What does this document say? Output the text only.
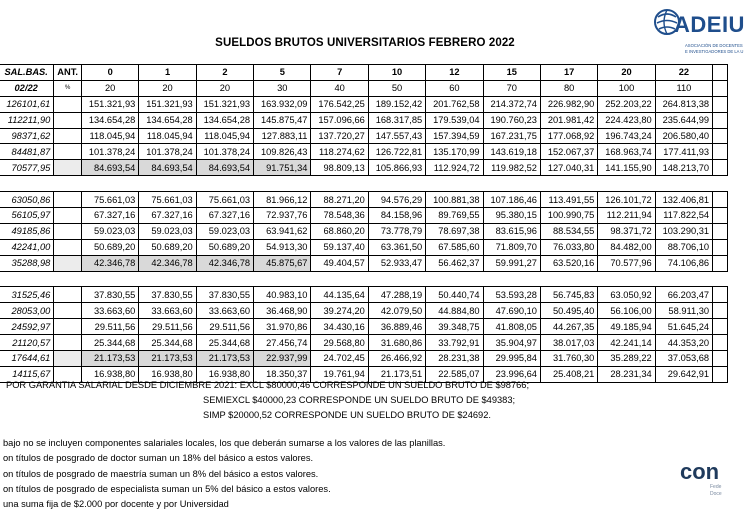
SUELDOS BRUTOS UNIVERSITARIOS FEBRERO 2022
ADEIU
ASOCIACIÓN DE DOCENTES
E INVESTIGADORES DE LA U
SAL.BAS.	ANT.	0	1	2	5	7	10	12	15	17	20	22	
02/22	%	20	20	20	30	40	50	60	70	80	100	110	
126101,61		151.321,93	151.321,93	151.321,93	163.932,09	176.542,25	189.152,42	201.762,58	214.372,74	226.982,90	252.203,22	264.813,38	
112211,90		134.654,28	134.654,28	134.654,28	145.875,47	157.096,66	168.317,85	179.539,04	190.760,23	201.981,42	224.423,80	235.644,99	
98371,62		118.045,94	118.045,94	118.045,94	127.883,11	137.720,27	147.557,43	157.394,59	167.231,75	177.068,92	196.743,24	206.580,40	
84481,87		101.378,24	101.378,24	101.378,24	109.826,43	118.274,62	126.722,81	135.170,99	143.619,18	152.067,37	168.963,74	177.411,93	
70577,95		84.693,54	84.693,54	84.693,54	91.751,34	98.809,13	105.866,93	112.924,72	119.982,52	127.040,31	141.155,90	148.213,70	

63050,86		75.661,03	75.661,03	75.661,03	81.966,12	88.271,20	94.576,29	100.881,38	107.186,46	113.491,55	126.101,72	132.406,81	
56105,97		67.327,16	67.327,16	67.327,16	72.937,76	78.548,36	84.158,96	89.769,55	95.380,15	100.990,75	112.211,94	117.822,54	
49185,86		59.023,03	59.023,03	59.023,03	63.941,62	68.860,20	73.778,79	78.697,38	83.615,96	88.534,55	98.371,72	103.290,31	
42241,00		50.689,20	50.689,20	50.689,20	54.913,30	59.137,40	63.361,50	67.585,60	71.809,70	76.033,80	84.482,00	88.706,10	
35288,98		42.346,78	42.346,78	42.346,78	45.875,67	49.404,57	52.933,47	56.462,37	59.991,27	63.520,16	70.577,96	74.106,86	

31525,46		37.830,55	37.830,55	37.830,55	40.983,10	44.135,64	47.288,19	50.440,74	53.593,28	56.745,83	63.050,92	66.203,47	
28053,00		33.663,60	33.663,60	33.663,60	36.468,90	39.274,20	42.079,50	44.884,80	47.690,10	50.495,40	56.106,00	58.911,30	
24592,97		29.511,56	29.511,56	29.511,56	31.970,86	34.430,16	36.889,46	39.348,75	41.808,05	44.267,35	49.185,94	51.645,24	
21120,57		25.344,68	25.344,68	25.344,68	27.456,74	29.568,80	31.680,86	33.792,91	35.904,97	38.017,03	42.241,14	44.353,20	
17644,61		21.173,53	21.173,53	21.173,53	22.937,99	24.702,45	26.466,92	28.231,38	29.995,84	31.760,30	35.289,22	37.053,68	
14115,67		16.938,80	16.938,80	16.938,80	18.350,37	19.761,94	21.173,51	22.585,07	23.996,64	25.408,21	28.231,34	29.642,91	
POR GARANTIA SALARIAL DESDE DICIEMBRE 2021: EXCL $80000,46 CORRESPONDE UN SUELDO BRUTO DE $98766;
SEMIEXCL $40000,23 CORRESPONDE UN SUELDO BRUTO DE $49383;
SIMP $20000,52 CORRESPONDE UN SUELDO BRUTO DE $24692.
bajo no se incluyen componentes salariales locales, los que deberán sumarse a los valores de las planillas.
on títulos de posgrado de doctor suman un 18% del básico a estos valores.
on títulos de posgrado de maestría suman un 8% del básico a estos valores.
on títulos de posgrado de especialista suman un 5% del básico a estos valores.
una suma fija de $2.000 por docente y por Universidad
con
Fede
Doce
